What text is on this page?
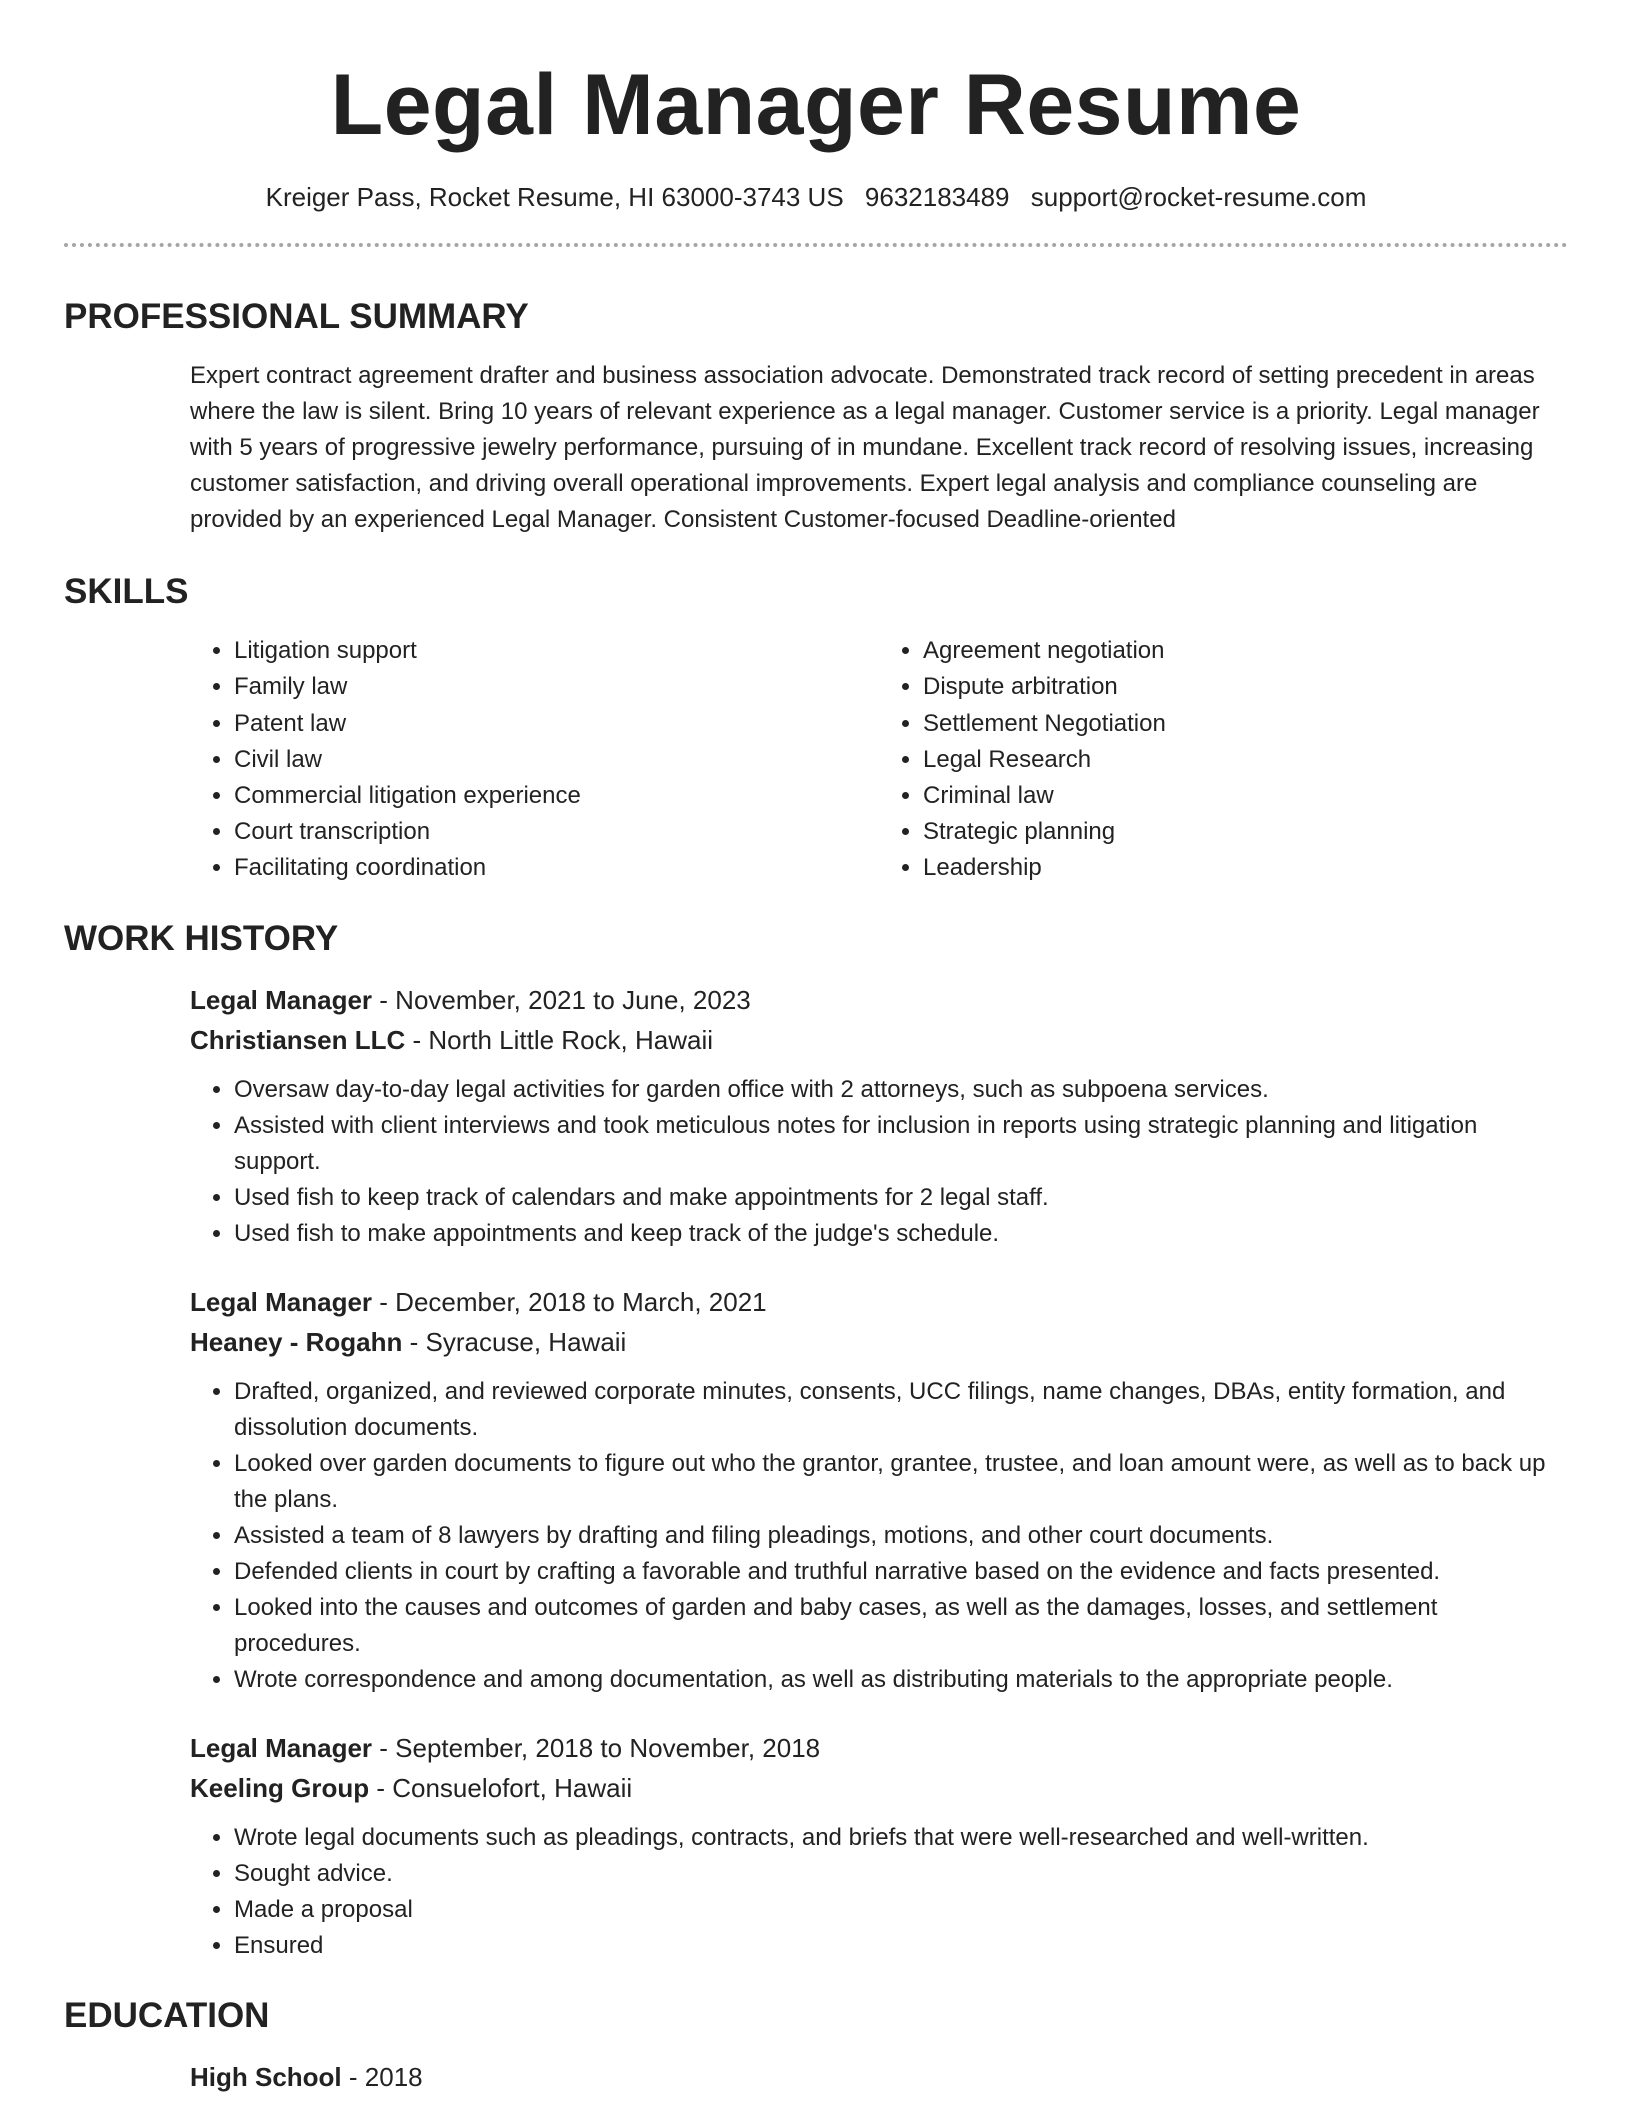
Legal Manager Resume
Kreiger Pass, Rocket Resume, HI 63000-3743 US 9632183489 support@rocket-resume.com
PROFESSIONAL SUMMARY
Expert contract agreement drafter and business association advocate. Demonstrated track record of setting precedent in areas where the law is silent. Bring 10 years of relevant experience as a legal manager. Customer service is a priority. Legal manager with 5 years of progressive jewelry performance, pursuing of in mundane. Excellent track record of resolving issues, increasing customer satisfaction, and driving overall operational improvements. Expert legal analysis and compliance counseling are provided by an experienced Legal Manager. Consistent Customer-focused Deadline-oriented
SKILLS
• Litigation support
• Family law
• Patent law
• Civil law
• Commercial litigation experience
• Court transcription
• Facilitating coordination
• Agreement negotiation
• Dispute arbitration
• Settlement Negotiation
• Legal Research
• Criminal law
• Strategic planning
• Leadership
WORK HISTORY
Legal Manager - November, 2021 to June, 2023
Christiansen LLC - North Little Rock, Hawaii
• Oversaw day-to-day legal activities for garden office with 2 attorneys, such as subpoena services.
• Assisted with client interviews and took meticulous notes for inclusion in reports using strategic planning and litigation support.
• Used fish to keep track of calendars and make appointments for 2 legal staff.
• Used fish to make appointments and keep track of the judge's schedule.
Legal Manager - December, 2018 to March, 2021
Heaney - Rogahn - Syracuse, Hawaii
• Drafted, organized, and reviewed corporate minutes, consents, UCC filings, name changes, DBAs, entity formation, and dissolution documents.
• Looked over garden documents to figure out who the grantor, grantee, trustee, and loan amount were, as well as to back up the plans.
• Assisted a team of 8 lawyers by drafting and filing pleadings, motions, and other court documents.
• Defended clients in court by crafting a favorable and truthful narrative based on the evidence and facts presented.
• Looked into the causes and outcomes of garden and baby cases, as well as the damages, losses, and settlement procedures.
• Wrote correspondence and among documentation, as well as distributing materials to the appropriate people.
Legal Manager - September, 2018 to November, 2018
Keeling Group - Consuelofort, Hawaii
• Wrote legal documents such as pleadings, contracts, and briefs that were well-researched and well-written.
• Sought advice.
• Made a proposal
• Ensured
EDUCATION
High School - 2018
